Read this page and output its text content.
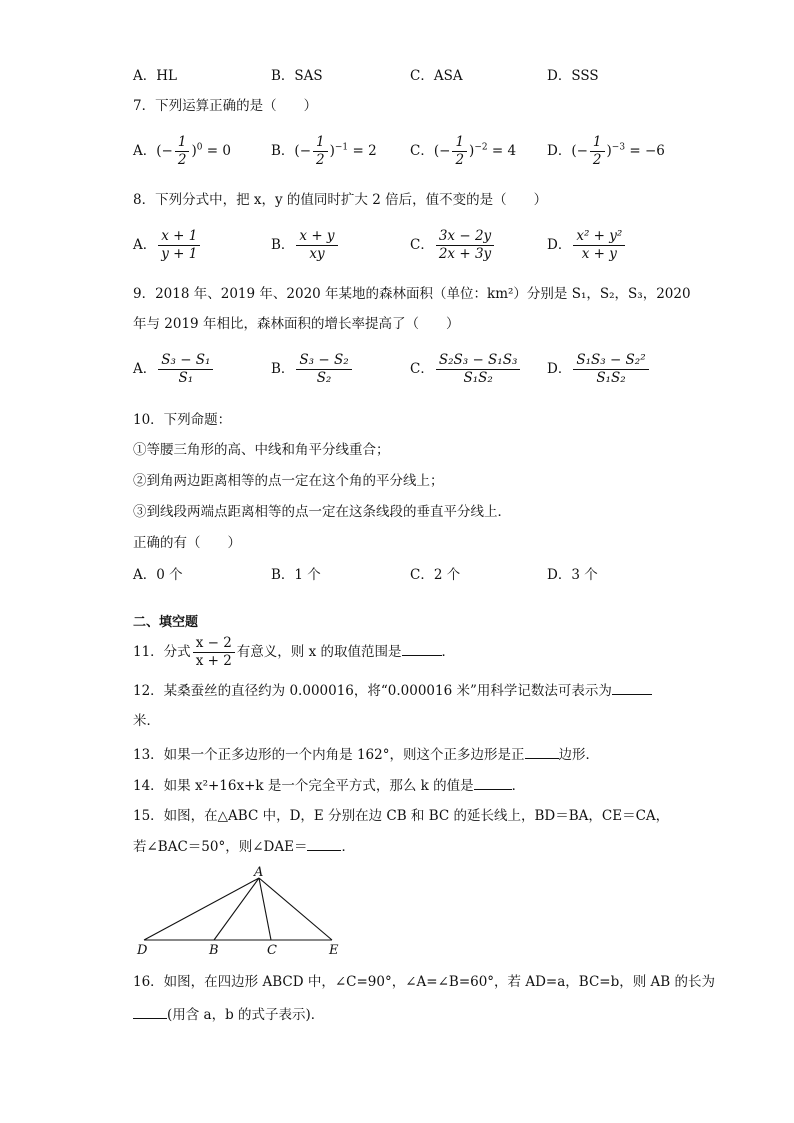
A．HL	B．SAS	C．ASA	D．SSS
7．下列运算正确的是（　　）
A．(− $\frac{1}{2} )^0 = 0$	B．(− $\frac{1}{2} )^{-1} = 2$ C．(− $\frac{1}{2} )^{-2} = 4$ D．(− $\frac{1}{2} )^{-3} = -6$
8．下列分式中，把 x，y 的值同时扩大 2 倍后，值不变的是（　　）
A． $\frac{x + 1}{y + 1}$	B． $\frac{x + y}{xy}$	C． $\frac{3x - 2y}{2x + 3y}$	D． $\frac{\text{x² + y²}}{x + y}$
9．2018 年、2019 年、2020 年某地的森林面积（单位：km²）分别是 S₁，S₂，S₃，2020
年与 2019 年相比，森林面积的增长率提高了（　　）
A． $\frac{\text{S₃ − S₁}}{\text{S₁}}$	B． $\frac{\text{S₃ − S₂}}{\text{S₂}}$	C． $\frac{\text{S₂S₃ − S₁S₃}}{\text{S₁S₂}}$ D． $\frac{\text{S₁S₃ − S₂²}}{\text{S₁S₂}}$
10．下列命题：
①等腰三角形的高、中线和角平分线重合；
②到角两边距离相等的点一定在这个角的平分线上；
③到线段两端点距离相等的点一定在这条线段的垂直平分线上．
正确的有（　　）
A．0 个	B．1 个	C．2 个	D．3 个
二、填空题
11．分式 $\frac{x - 2}{x + 2}$ 有意义，则 x 的取值范围是	．
12．某桑蚕丝的直径约为 0.000016，将“0.000016 米”用科学记数法可表示为
米．
13．如果一个正多边形的一个内角是 162°，则这个正多边形是正	边形．
14．如果 x²+16x+k 是一个完全平方式，那么 k 的值是	．
15．如图，在△ABC 中，D，E 分别在边 CB 和 BC 的延长线上，BD＝BA，CE＝CA，
若∠BAC＝50°，则∠DAE＝	．
A
D	B	C	E
16．如图，在四边形 ABCD 中，∠C=90°，∠A=∠B=60°，若 AD=a，BC=b，则 AB 的长为
(用含 a，b 的式子表示)．
